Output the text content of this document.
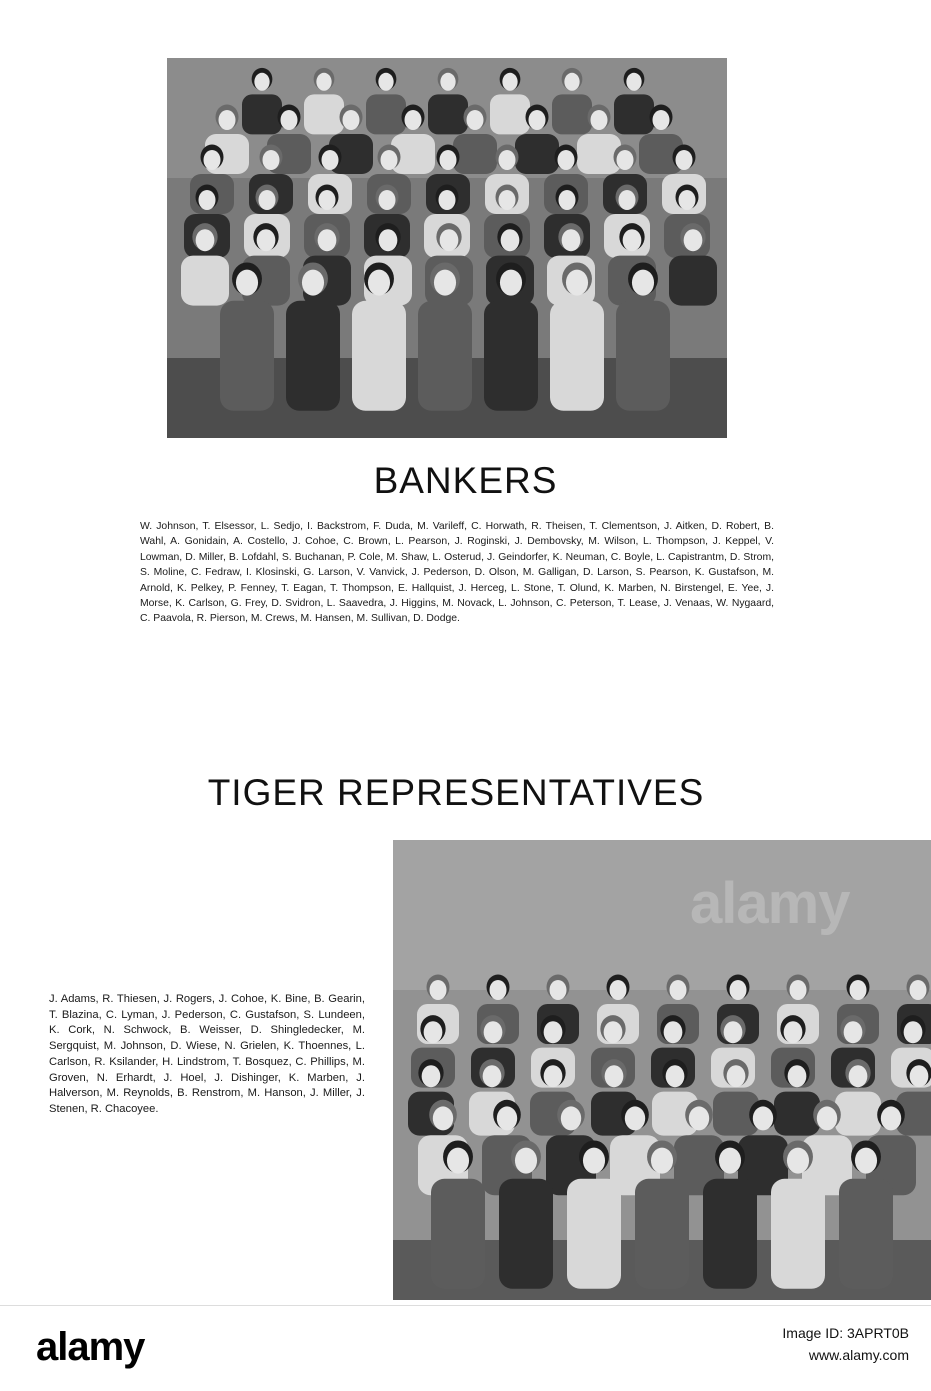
BANKERS

W. Johnson, T. Elsessor, L. Sedjo, I. Backstrom, F. Duda, M. Varileff, C. Horwath, R. Theisen, T. Clementson, J. Aitken, D. Robert, B. Wahl, A. Gonidain, A. Costello, J. Cohoe, C. Brown, L. Pearson, J. Roginski, J. Dembovsky, M. Wilson, L. Thompson, J. Keppel, V. Lowman, D. Miller, B. Lofdahl, S. Buchanan, P. Cole, M. Shaw, L. Osterud, J. Geindorfer, K. Neuman, C. Boyle, L. Capistrantm, D. Strom, S. Moline, C. Fedraw, I. Klosinski, G. Larson, V. Vanvick, J. Pederson, D. Olson, M. Galligan, D. Larson, S. Pearson, K. Gustafson, M. Arnold, K. Pelkey, P. Fenney, T. Eagan, T. Thompson, E. Hallquist, J. Herceg, L. Stone, T. Olund, K. Marben, N. Birstengel, E. Yee, J. Morse, K. Carlson, G. Frey, D. Svidron, L. Saavedra, J. Higgins, M. Novack, L. Johnson, C. Peterson, T. Lease, J. Venaas, W. Nygaard, C. Paavola, R. Pierson, M. Crews, M. Hansen, M. Sullivan, D. Dodge.

TIGER REPRESENTATIVES

J. Adams, R. Thiesen, J. Rogers, J. Cohoe, K. Bine, B. Gearin, T. Blazina, C. Lyman, J. Pederson, C. Gustafson, S. Lundeen, K. Cork, N. Schwock, B. Weisser, D. Shingledecker, M. Sergquist, M. Johnson, D. Wiese, N. Grielen, K. Thoennes, L. Carlson, R. Ksilander, H. Lindstrom, T. Bosquez, C. Phillips, M. Groven, N. Erhardt, J. Hoel, J. Dishinger, K. Marben, J. Halverson, M. Reynolds, B. Renstrom, M. Hanson, J. Miller, J. Stenen, R. Chacoyee.

alamy
alamy	Image ID: 3APRT0B
www.alamy.com
